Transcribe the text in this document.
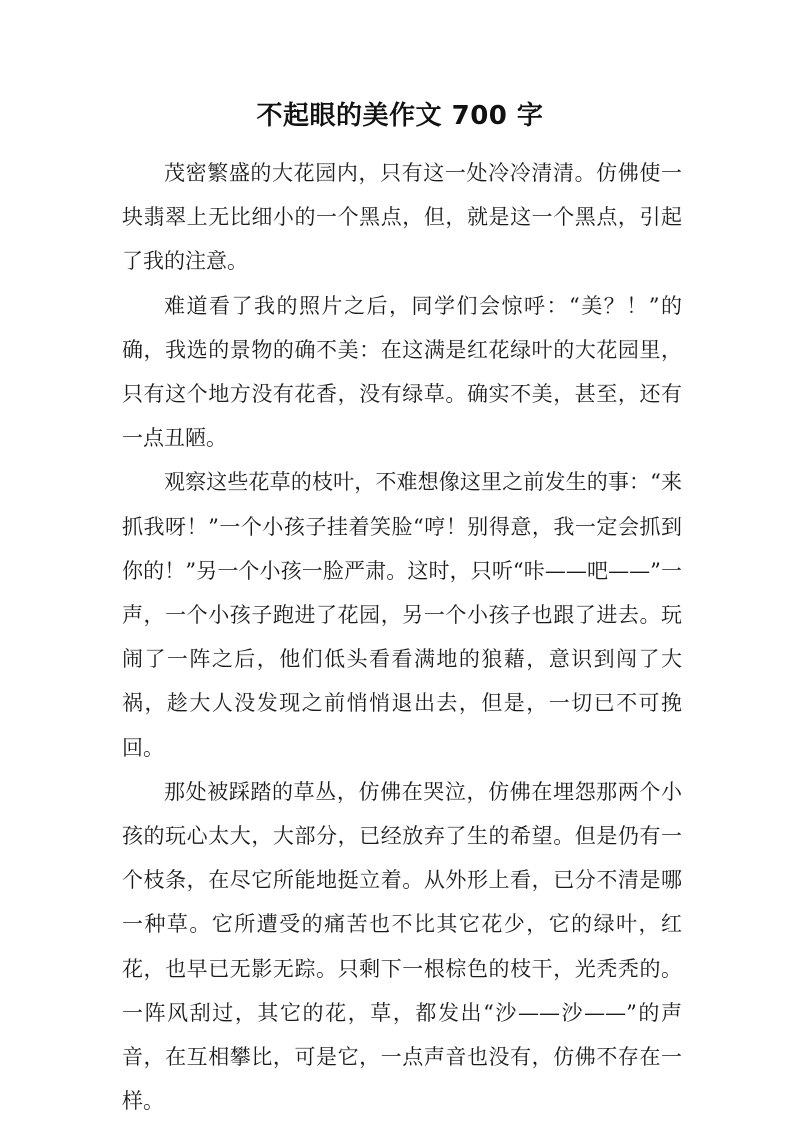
不起眼的美作文 700 字

茂密繁盛的大花园内，只有这一处冷冷清清。仿佛使一块翡翠上无比细小的一个黑点，但，就是这一个黑点，引起了我的注意。

难道看了我的照片之后，同学们会惊呼：“美？！”的确，我选的景物的确不美：在这满是红花绿叶的大花园里，只有这个地方没有花香，没有绿草。确实不美，甚至，还有一点丑陋。

观察这些花草的枝叶，不难想像这里之前发生的事：“来抓我呀！”一个小孩子挂着笑脸“哼！别得意，我一定会抓到你的！”另一个小孩一脸严肃。这时，只听“咔——吧——”一声，一个小孩子跑进了花园，另一个小孩子也跟了进去。玩闹了一阵之后，他们低头看看满地的狼藉，意识到闯了大祸，趁大人没发现之前悄悄退出去，但是，一切已不可挽回。

那处被踩踏的草丛，仿佛在哭泣，仿佛在埋怨那两个小孩的玩心太大，大部分，已经放弃了生的希望。但是仍有一个枝条，在尽它所能地挺立着。从外形上看，已分不清是哪一种草。它所遭受的痛苦也不比其它花少，它的绿叶，红花，也早已无影无踪。只剩下一根棕色的枝干，光秃秃的。一阵风刮过，其它的花，草，都发出“沙——沙——”的声音，在互相攀比，可是它，一点声音也没有，仿佛不存在一样。
